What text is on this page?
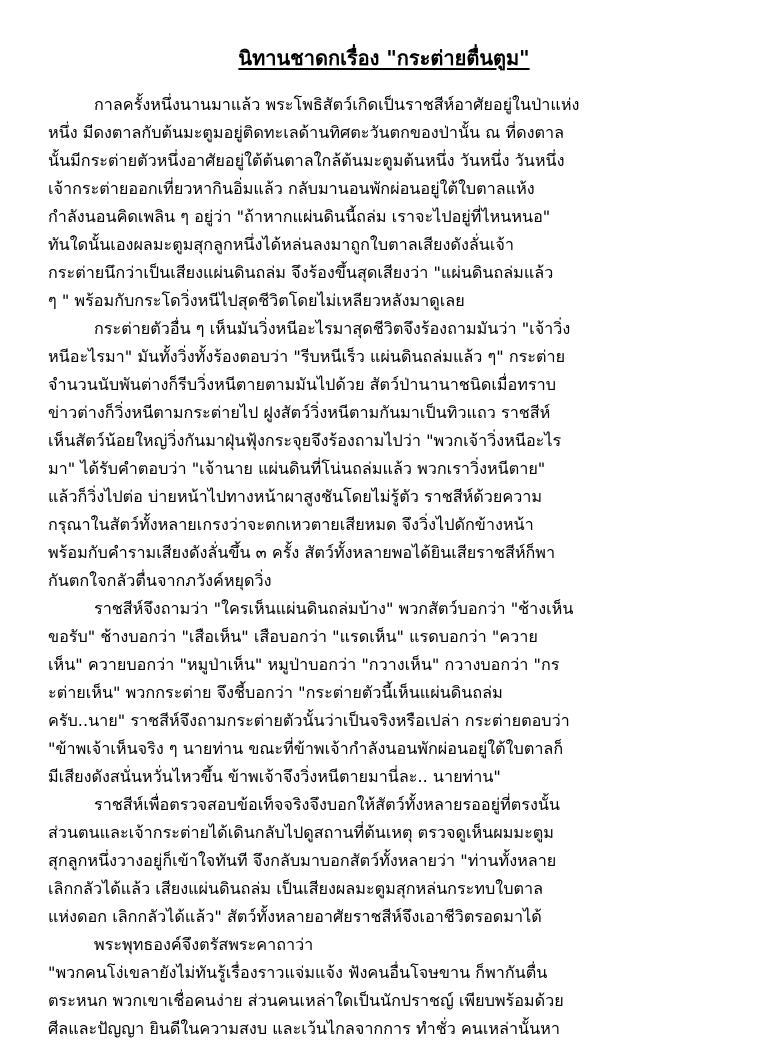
นิทานชาดกเรื่อง "กระต่ายตื่นตูม"
กาลครั้งหนึ่งนานมาแล้ว พระโพธิสัตว์เกิดเป็นราชสีห์อาศัยอยู่ในป่าแห่ง
หนึ่ง มีดงตาลกับต้นมะตูมอยู่ติดทะเลด้านทิศตะวันตกของป่านั้น ณ ที่ดงตาล
นั้นมีกระต่ายตัวหนึ่งอาศัยอยู่ใต้ต้นตาลใกล้ต้นมะตูมต้นหนึ่ง วันหนึ่ง วันหนึ่ง
เจ้ากระต่ายออกเที่ยวหากินอิ่มแล้ว กลับมานอนพักผ่อนอยู่ใต้ใบตาลแห้ง
กำลังนอนคิดเพลิน ๆ อยู่ว่า "ถ้าหากแผ่นดินนี้ถล่ม เราจะไปอยู่ที่ไหนหนอ"
ทันใดนั้นเองผลมะตูมสุกลูกหนึ่งได้หล่นลงมาถูกใบตาลเสียงดังลั่นเจ้า
กระต่ายนึกว่าเป็นเสียงแผ่นดินถล่ม จึงร้องขึ้นสุดเสียงว่า "แผ่นดินถล่มแล้ว
ๆ " พร้อมกับกระโดวิ่งหนีไปสุดชีวิตโดยไม่เหลียวหลังมาดูเลย
กระต่ายตัวอื่น ๆ เห็นมันวิ่งหนีอะไรมาสุดชีวิตจึงร้องถามมันว่า "เจ้าวิ่ง
หนีอะไรมา" มันทั้งวิ่งทั้งร้องตอบว่า "รีบหนีเร็ว แผ่นดินถล่มแล้ว ๆ" กระต่าย
จำนวนนับพันต่างก็รีบวิ่งหนีตายตามมันไปด้วย สัตว์ป่านานาชนิดเมื่อทราบ
ข่าวต่างก็วิ่งหนีตามกระต่ายไป ฝูงสัตว์วิ่งหนีตามกันมาเป็นทิวแถว ราชสีห์
เห็นสัตว์น้อยใหญ่วิ่งกันมาฝุ่นฟุ้งกระจุยจึงร้องถามไปว่า "พวกเจ้าวิ่งหนีอะไร
มา" ได้รับคำตอบว่า "เจ้านาย แผ่นดินที่โน่นถล่มแล้ว พวกเราวิ่งหนีตาย"
แล้วก็วิ่งไปต่อ บ่ายหน้าไปทางหน้าผาสูงชันโดยไม่รู้ตัว ราชสีห์ด้วยความ
กรุณาในสัตว์ทั้งหลายเกรงว่าจะตกเหวตายเสียหมด จึงวิ่งไปดักข้างหน้า
พร้อมกับคำรามเสียงดังลั่นขึ้น ๓ ครั้ง สัตว์ทั้งหลายพอได้ยินเสียราชสีห์ก็พา
กันตกใจกลัวตื่นจากภวังค์หยุดวิ่ง
ราชสีห์จึงถามว่า "ใครเห็นแผ่นดินถล่มบ้าง" พวกสัตว์บอกว่า "ช้างเห็น
ขอรับ" ช้างบอกว่า "เสือเห็น" เสือบอกว่า "แรดเห็น" แรดบอกว่า "ควาย
เห็น" ควายบอกว่า "หมูป่าเห็น" หมูป่าบอกว่า "กวางเห็น" กวางบอกว่า "กร
ะต่ายเห็น" พวกกระต่าย จึงชี้บอกว่า "กระต่ายตัวนี้เห็นแผ่นดินถล่ม
ครับ..นาย" ราชสีห์จึงถามกระต่ายตัวนั้นว่าเป็นจริงหรือเปล่า กระต่ายตอบว่า
"ข้าพเจ้าเห็นจริง ๆ นายท่าน ขณะที่ข้าพเจ้ากำลังนอนพักผ่อนอยู่ใต้ใบตาลก็
มีเสียงดังสนั่นหวั่นไหวขึ้น ข้าพเจ้าจึงวิ่งหนีตายมานี่ละ.. นายท่าน"
ราชสีห์เพื่อตรวจสอบข้อเท็จจริงจึงบอกให้สัตว์ทั้งหลายรออยู่ที่ตรงนั้น
ส่วนตนและเจ้ากระต่ายได้เดินกลับไปดูสถานที่ต้นเหตุ ตรวจดูเห็นผมมะตูม
สุกลูกหนึ่งวางอยู่ก็เข้าใจทันที จึงกลับมาบอกสัตว์ทั้งหลายว่า "ท่านทั้งหลาย
เลิกกลัวได้แล้ว เสียงแผ่นดินถล่ม เป็นเสียงผลมะตูมสุกหล่นกระทบใบตาล
แห่งดอก เลิกกลัวได้แล้ว" สัตว์ทั้งหลายอาศัยราชสีห์จึงเอาชีวิตรอดมาได้
พระพุทธองค์จึงตรัสพระคาถาว่า
"พวกคนโง่เขลายังไม่ทันรู้เรื่องราวแจ่มแจ้ง ฟังคนอื่นโจษขาน ก็พากันตื่น
ตระหนก พวกเขาเชื่อคนง่าย ส่วนคนเหล่าใดเป็นนักปราชญ์ เพียบพร้อมด้วย
ศีลและปัญญา ยินดีในความสงบ และเว้นไกลจากการ ทำชั่ว คนเหล่านั้นหา
